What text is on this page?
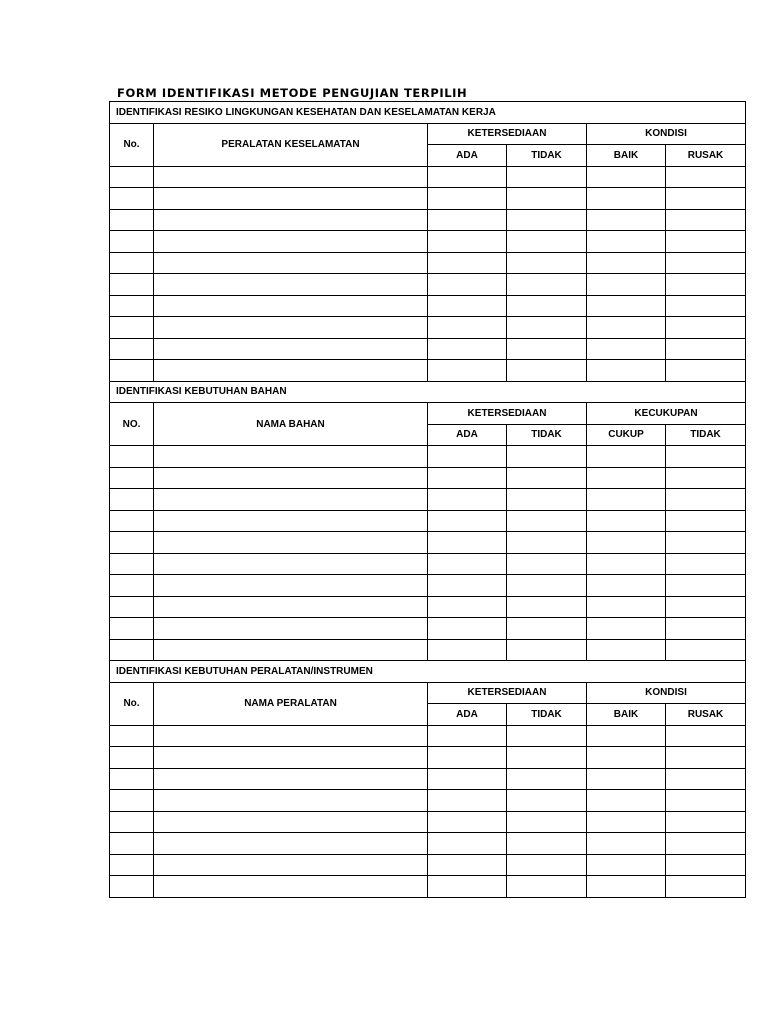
FORM IDENTIFIKASI METODE PENGUJIAN TERPILIH
IDENTIFIKASI RESIKO LINGKUNGAN KESEHATAN DAN KESELAMATAN KERJA					
No.	PERALATAN KESELAMATAN	KETERSEDIAAN		KONDISI	
		ADA	TIDAK	BAIK	RUSAK

IDENTIFIKASI KEBUTUHAN BAHAN					
NO.	NAMA BAHAN	KETERSEDIAAN		KECUKUPAN	
		ADA	TIDAK	CUKUP	TIDAK

IDENTIFIKASI KEBUTUHAN PERALATAN/INSTRUMEN					
No.	NAMA PERALATAN	KETERSEDIAAN		KONDISI	
		ADA	TIDAK	BAIK	RUSAK
